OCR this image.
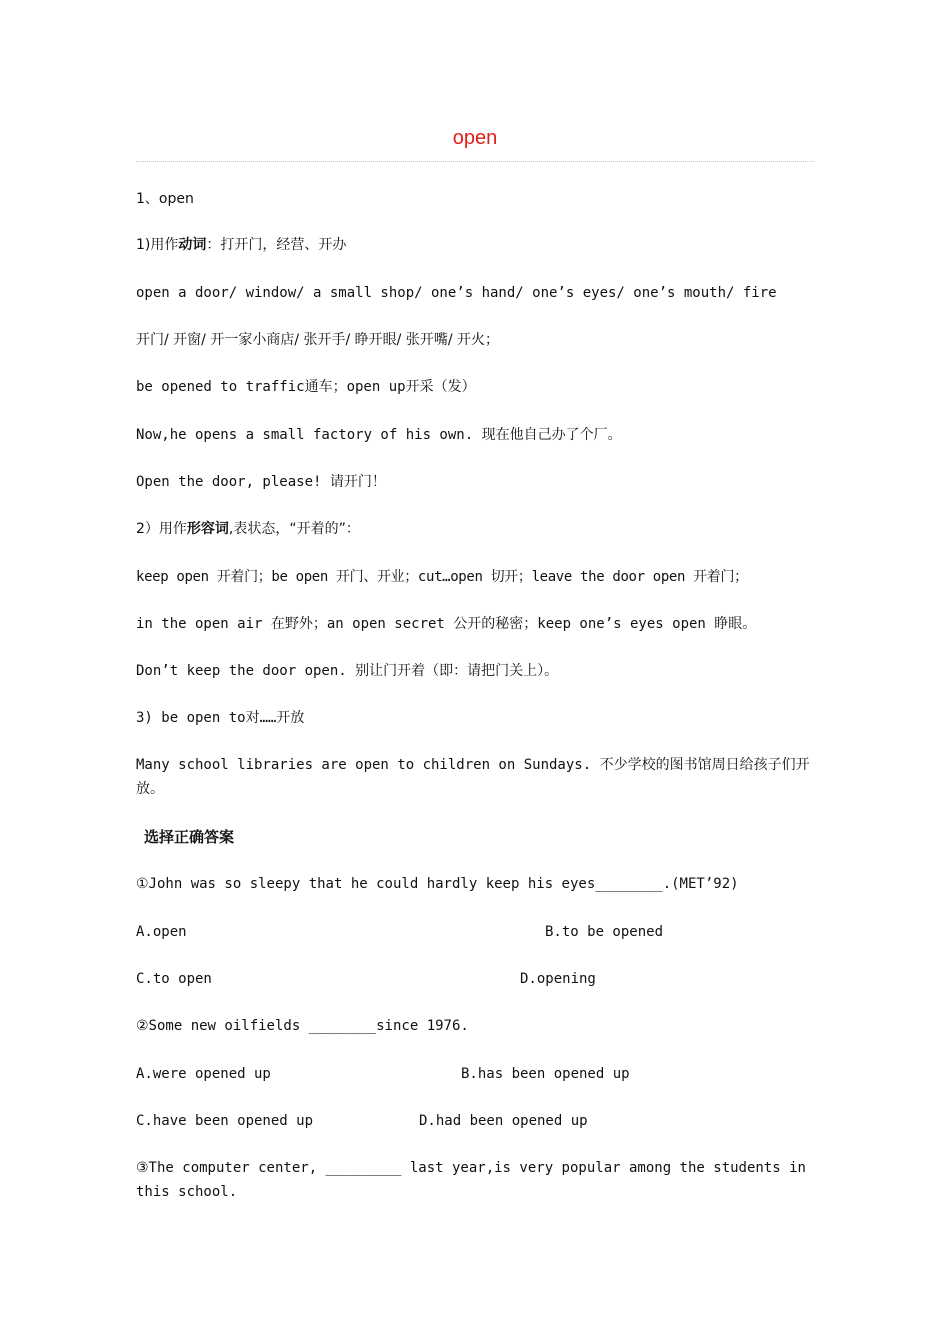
open
1、open
1)用作动词：打开门，经营、开办
open a door/ window/ a small shop/ one’s hand/ one’s eyes/ one’s mouth/ fire
开门/ 开窗/ 开一家小商店/ 张开手/ 睁开眼/ 张开嘴/ 开火；
be opened to traffic通车；open up开采（发）
Now,he opens a small factory of his own. 现在他自己办了个厂。
Open the door, please! 请开门！
2）用作形容词,表状态，“开着的”：
keep open 开着门；be open 开门、开业；cut…open 切开；leave the door open 开着门；
in the open air 在野外；an open secret 公开的秘密；keep one’s eyes open 睁眼。
Don’t keep the door open. 别让门开着（即：请把门关上）。
3) be open to对……开放
Many school libraries are open to children on Sundays. 不少学校的图书馆周日给孩子们开放。
选择正确答案
①John was so sleepy that he could hardly keep his eyes________.(MET’92)
A.open	B.to be opened
C.to open	D.opening
②Some new oilfields ________since 1976.
A.were opened up	B.has been opened up
C.have been opened up	D.had been opened up
③The computer center, _________ last year,is very popular among the students in this school.
